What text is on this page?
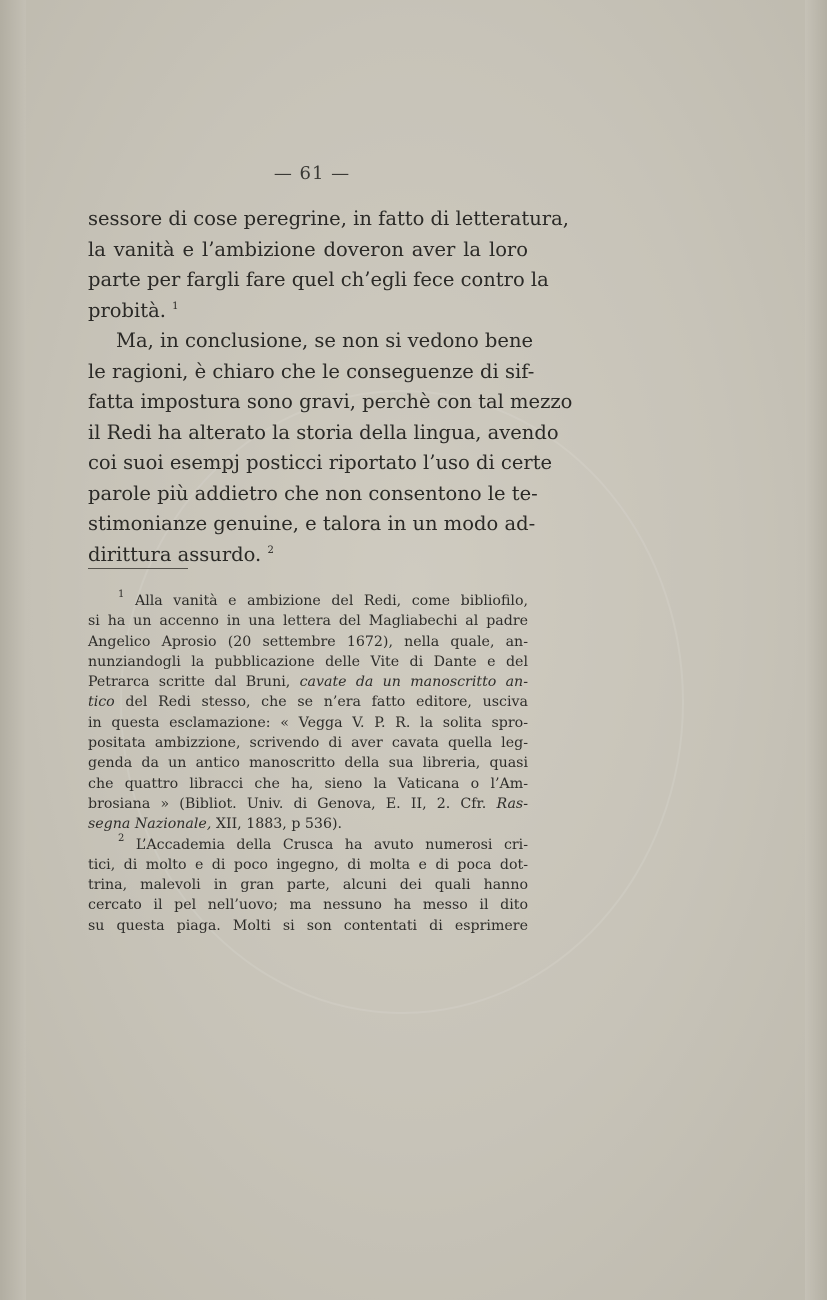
— 61 —
sessore di cose peregrine, in fatto di letteratura,
la vanità e l’ambizione doveron aver la loro
parte per fargli fare quel ch’egli fece contro la
probità. $^1$
Ma, in conclusione, se non si vedono bene
le ragioni, è chiaro che le conseguenze di sif-
fatta impostura sono gravi, perchè con tal mezzo
il Redi ha alterato la storia della lingua, avendo
coi suoi esempj posticci riportato l’uso di certe
parole più addietro che non consentono le te-
stimonianze genuine, e talora in un modo ad-
dirittura assurdo. $^2$
$^1$ Alla vanità e ambizione del Redi, come bibliofilo,
si ha un accenno in una lettera del Magliabechi al padre
Angelico Aprosio (20 settembre 1672), nella quale, an-
nunziandogli la pubblicazione delle Vite di Dante e del
Petrarca scritte dal Bruni, cavate da un manoscritto an-
tico del Redi stesso, che se n’era fatto editore, usciva
in questa esclamazione: « Vegga V. P. R. la solita spro-
positata ambizzione, scrivendo di aver cavata quella leg-
genda da un antico manoscritto della sua libreria, quasi
che quattro libracci che ha, sieno la Vaticana o l’Am-
brosiana » (Bibliot. Univ. di Genova, E. II, 2. Cfr. Ras-
segna Nazionale, XII, 1883, p 536).
$^2$ L’Accademia della Crusca ha avuto numerosi cri-
tici, di molto e di poco ingegno, di molta e di poca dot-
trina, malevoli in gran parte, alcuni dei quali hanno
cercato il pel nell’uovo; ma nessuno ha messo il dito
su questa piaga. Molti si son contentati di esprimere
